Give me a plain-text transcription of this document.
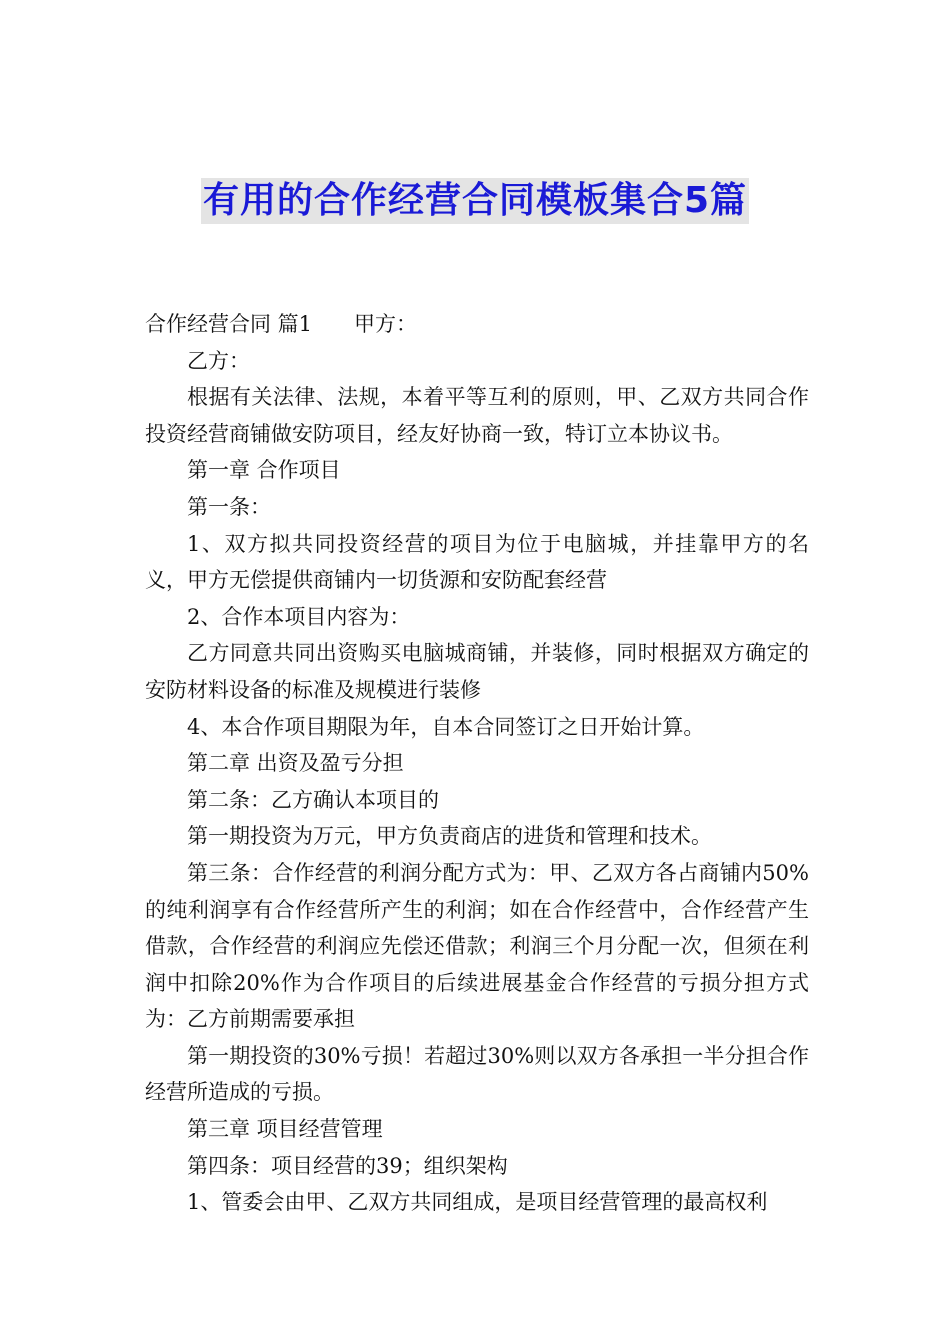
有用的合作经营合同模板集合5篇

合作经营合同 篇1 甲方：

乙方：

根据有关法律、法规，本着平等互利的原则，甲、乙双方共同合作投资经营商铺做安防项目，经友好协商一致，特订立本协议书。

第一章 合作项目

第一条：

1、双方拟共同投资经营的项目为位于电脑城，并挂靠甲方的名义，甲方无偿提供商铺内一切货源和安防配套经营

2、合作本项目内容为：

乙方同意共同出资购买电脑城商铺，并装修，同时根据双方确定的安防材料设备的标准及规模进行装修

4、本合作项目期限为年，自本合同签订之日开始计算。

第二章 出资及盈亏分担

第二条：乙方确认本项目的

第一期投资为万元，甲方负责商店的进货和管理和技术。

第三条：合作经营的利润分配方式为：甲、乙双方各占商铺内50%的纯利润享有合作经营所产生的利润；如在合作经营中，合作经营产生借款，合作经营的利润应先偿还借款；利润三个月分配一次，但须在利润中扣除20%作为合作项目的后续进展基金合作经营的亏损分担方式为：乙方前期需要承担

第一期投资的30%亏损！若超过30%则以双方各承担一半分担合作经营所造成的亏损。

第三章 项目经营管理

第四条：项目经营的39；组织架构

1、管委会由甲、乙双方共同组成，是项目经营管理的最高权利
